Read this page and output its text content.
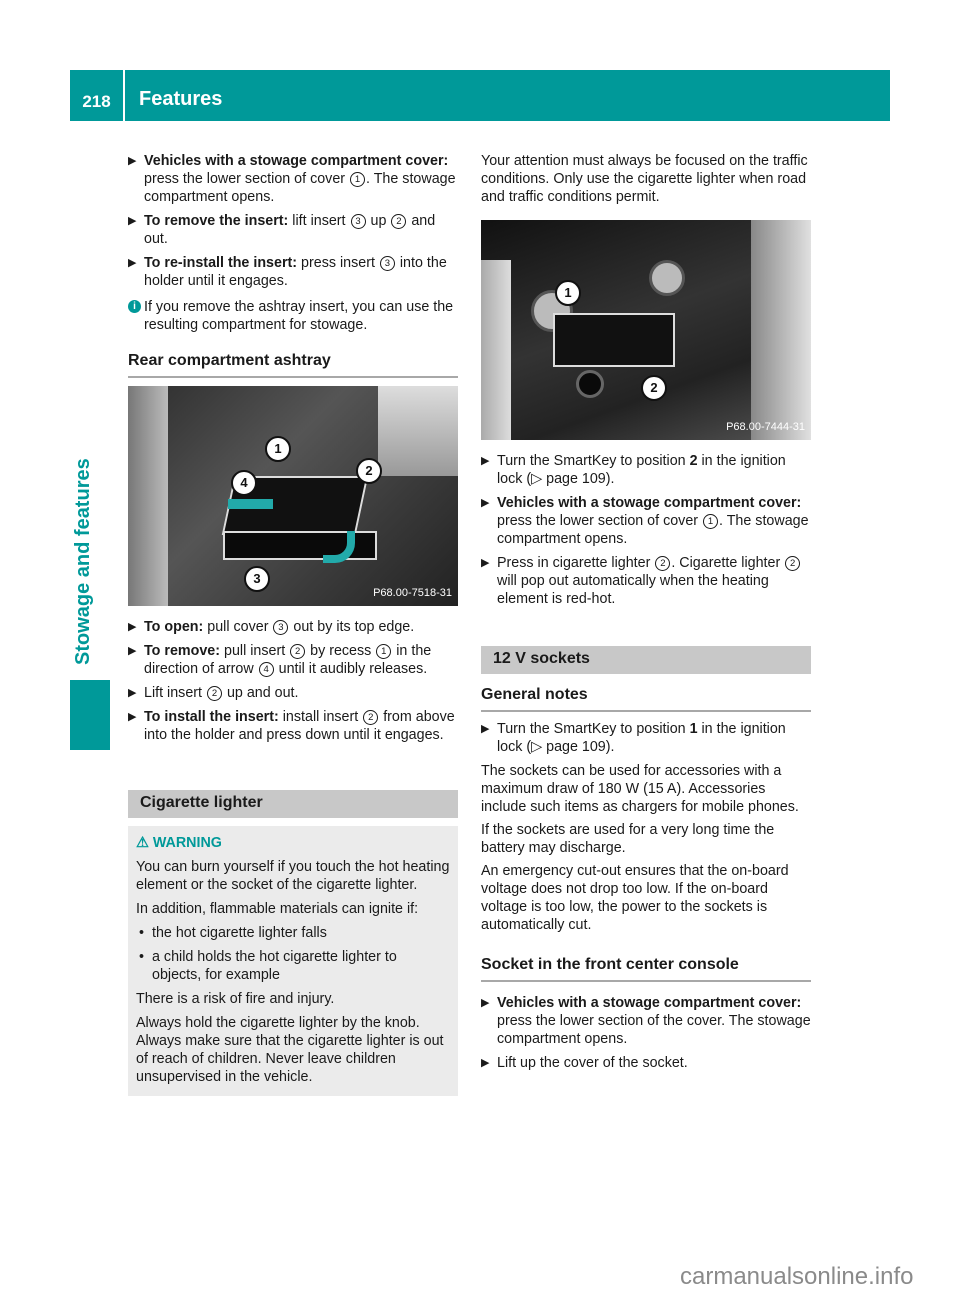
218	Features
Stowage and features
▶ Vehicles with a stowage compartment cover: press the lower section of cover 1 . The stowage compartment opens.
▶ To remove the insert: lift insert 3 up 2 and out.
▶ To re-install the insert: press insert 3 into the holder until it engages.
i If you remove the ashtray insert, you can use the resulting compartment for stowage.
Rear compartment ashtray
1
2
3
4
P68.00-7518-31
▶ To open: pull cover 3 out by its top edge.
▶ To remove: pull insert 2 by recess 1 in the direction of arrow 4 until it audibly releases.
▶ Lift insert 2 up and out.
▶ To install the insert: install insert 2 from above into the holder and press down until it engages.
Cigarette lighter
⚠ WARNING

You can burn yourself if you touch the hot heating element or the socket of the cigarette lighter.

In addition, flammable materials can ignite if:

• the hot cigarette lighter falls
• a child holds the hot cigarette lighter to objects, for example

There is a risk of fire and injury.

Always hold the cigarette lighter by the knob. Always make sure that the cigarette lighter is out of reach of children. Never leave children unsupervised in the vehicle.

Your attention must always be focused on the traffic conditions. Only use the cigarette lighter when road and traffic conditions permit.

1
2
P68.00-7444-31
▶ Turn the SmartKey to position 2 in the ignition lock (▷ page 109).
▶ Vehicles with a stowage compartment cover: press the lower section of cover 1 . The stowage compartment opens.
▶ Press in cigarette lighter 2 . Cigarette lighter 2 will pop out automatically when the heating element is red-hot.
12 V sockets
General notes
▶ Turn the SmartKey to position 1 in the ignition lock (▷ page 109).

The sockets can be used for accessories with a maximum draw of 180 W (15 A). Accessories include such items as chargers for mobile phones.

If the sockets are used for a very long time the battery may discharge.

An emergency cut-out ensures that the on-board voltage does not drop too low. If the on-board voltage is too low, the power to the sockets is automatically cut.

Socket in the front center console
▶ Vehicles with a stowage compartment cover: press the lower section of the cover. The stowage compartment opens.
▶ Lift up the cover of the socket.
carmanualsonline.info
